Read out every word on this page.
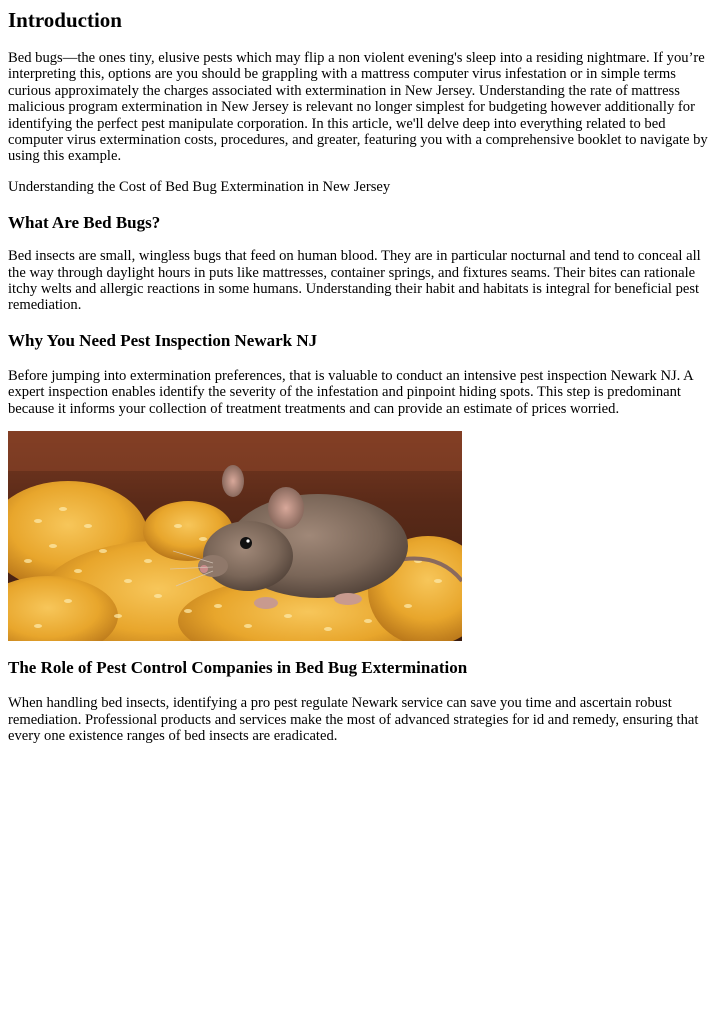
Introduction

Bed bugs—the ones tiny, elusive pests which may flip a non violent evening's sleep into a residing nightmare. If you’re interpreting this, options are you should be grappling with a mattress computer virus infestation or in simple terms curious approximately the charges associated with extermination in New Jersey. Understanding the rate of mattress malicious program extermination in New Jersey is relevant no longer simplest for budgeting however additionally for identifying the perfect pest manipulate corporation. In this article, we'll delve deep into everything related to bed computer virus extermination costs, procedures, and greater, featuring you with a comprehensive booklet to navigate by using this example.

Understanding the Cost of Bed Bug Extermination in New Jersey

What Are Bed Bugs?

Bed insects are small, wingless bugs that feed on human blood. They are in particular nocturnal and tend to conceal all the way through daylight hours in puts like mattresses, container springs, and fixtures seams. Their bites can rationale itchy welts and allergic reactions in some humans. Understanding their habit and habitats is integral for beneficial pest remediation.

Why You Need Pest Inspection Newark NJ

Before jumping into extermination preferences, that is valuable to conduct an intensive pest inspection Newark NJ. A expert inspection enables identify the severity of the infestation and pinpoint hiding spots. This step is predominant because it informs your collection of treatment treatments and can provide an estimate of prices worried.

The Role of Pest Control Companies in Bed Bug Extermination

When handling bed insects, identifying a pro pest regulate Newark service can save you time and ascertain robust remediation. Professional products and services make the most of advanced strategies for id and remedy, ensuring that every one existence ranges of bed insects are eradicated.
